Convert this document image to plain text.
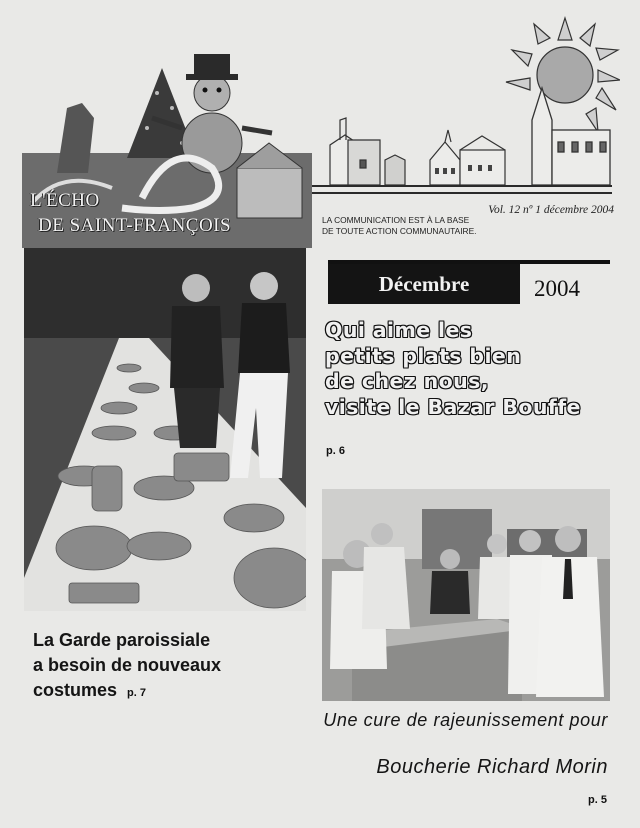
Vol. 12 nº 1 décembre 2004
LA COMMUNICATION EST À LA BASE
DE TOUTE ACTION COMMUNAUTAIRE.
L'ÉCHO
DE SAINT-FRANÇOIS
Décembre	2004
Qui aime les
petits plats bien
de chez nous,
visite le Bazar Bouffe
p. 6
La Garde paroissiale
a besoin de nouveaux
costumes p. 7
Une cure de rajeunissement pour
Boucherie Richard Morin
p. 5
